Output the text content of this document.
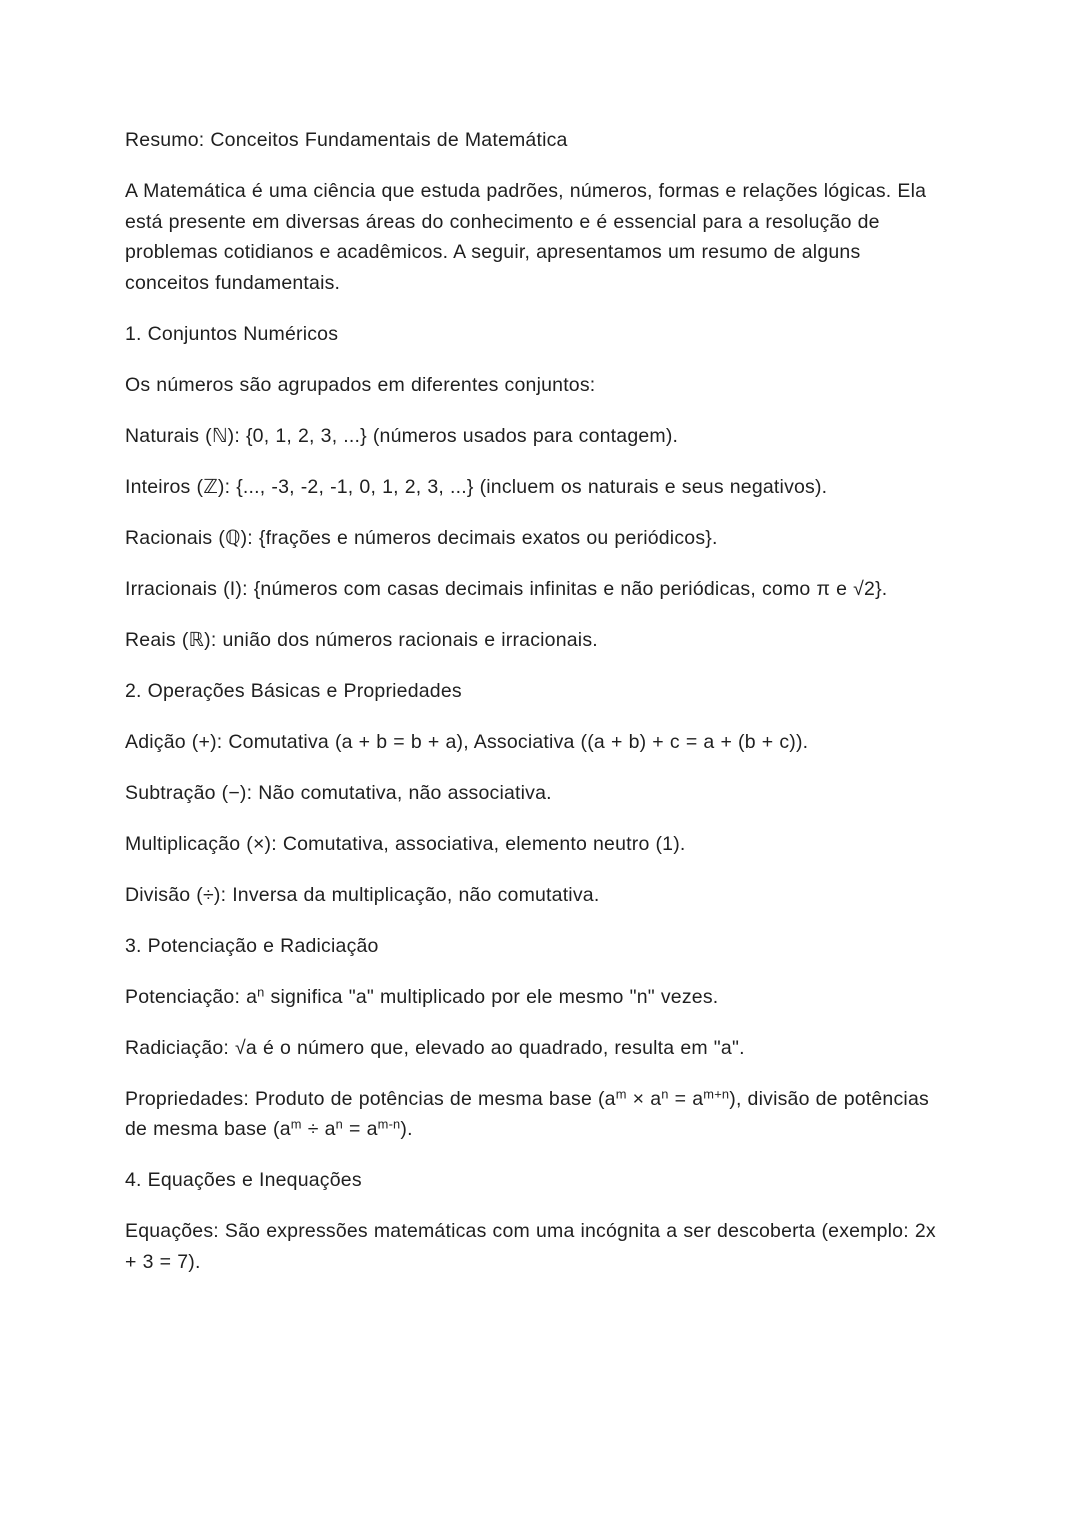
Resumo: Conceitos Fundamentais de Matemática

A Matemática é uma ciência que estuda padrões, números, formas e relações lógicas. Ela está presente em diversas áreas do conhecimento e é essencial para a resolução de problemas cotidianos e acadêmicos. A seguir, apresentamos um resumo de alguns conceitos fundamentais.

1. Conjuntos Numéricos

Os números são agrupados em diferentes conjuntos:

Naturais (ℕ): {0, 1, 2, 3, ...} (números usados para contagem).

Inteiros (ℤ): {..., -3, -2, -1, 0, 1, 2, 3, ...} (incluem os naturais e seus negativos).

Racionais (ℚ): {frações e números decimais exatos ou periódicos}.

Irracionais (I): {números com casas decimais infinitas e não periódicas, como π e √2}.

Reais (ℝ): união dos números racionais e irracionais.

2. Operações Básicas e Propriedades

Adição (+): Comutativa (a + b = b + a), Associativa ((a + b) + c = a + (b + c)).

Subtração (−): Não comutativa, não associativa.

Multiplicação (×): Comutativa, associativa, elemento neutro (1).

Divisão (÷): Inversa da multiplicação, não comutativa.

3. Potenciação e Radiciação

Potenciação: $a^n$ significa "a" multiplicado por ele mesmo "n" vezes.

Radiciação: √a é o número que, elevado ao quadrado, resulta em "a".

Propriedades: Produto de potências de mesma base $(a^m \times a^n = a^{m+n})$, divisão de potências de mesma base $(a^m \div a^n = a^{m-n})$.

4. Equações e Inequações

Equações: São expressões matemáticas com uma incógnita a ser descoberta (exemplo: 2x + 3 = 7).
